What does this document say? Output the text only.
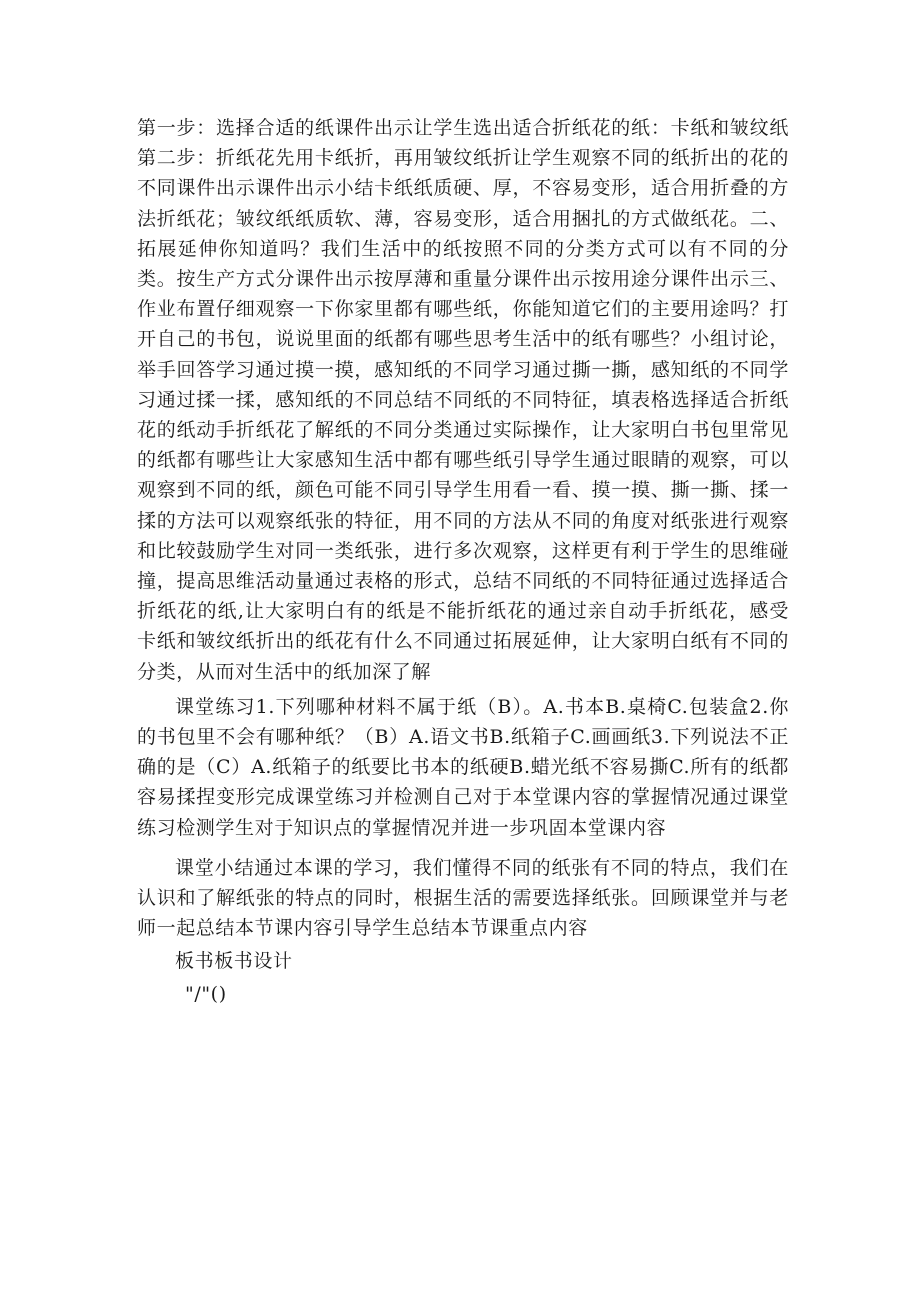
第一步：选择合适的纸课件出示让学生选出适合折纸花的纸：卡纸和皱纹纸第二步：折纸花先用卡纸折，再用皱纹纸折让学生观察不同的纸折出的花的不同课件出示课件出示小结卡纸纸质硬、厚，不容易变形，适合用折叠的方法折纸花；皱纹纸纸质软、薄，容易变形，适合用捆扎的方式做纸花。二、拓展延伸你知道吗？我们生活中的纸按照不同的分类方式可以有不同的分类。按生产方式分课件出示按厚薄和重量分课件出示按用途分课件出示三、作业布置仔细观察一下你家里都有哪些纸，你能知道它们的主要用途吗？打开自己的书包，说说里面的纸都有哪些思考生活中的纸有哪些？小组讨论，举手回答学习通过摸一摸，感知纸的不同学习通过撕一撕，感知纸的不同学习通过揉一揉，感知纸的不同总结不同纸的不同特征，填表格选择适合折纸花的纸动手折纸花了解纸的不同分类通过实际操作，让大家明白书包里常见的纸都有哪些让大家感知生活中都有哪些纸引导学生通过眼睛的观察，可以观察到不同的纸，颜色可能不同引导学生用看一看、摸一摸、撕一撕、揉一揉的方法可以观察纸张的特征，用不同的方法从不同的角度对纸张进行观察和比较鼓励学生对同一类纸张，进行多次观察，这样更有利于学生的思维碰撞，提高思维活动量通过表格的形式，总结不同纸的不同特征通过选择适合折纸花的纸,让大家明白有的纸是不能折纸花的通过亲自动手折纸花，感受卡纸和皱纹纸折出的纸花有什么不同通过拓展延伸，让大家明白纸有不同的分类，从而对生活中的纸加深了解

课堂练习1.下列哪种材料不属于纸（B）。A.书本B.桌椅C.包装盒2.你的书包里不会有哪种纸？（B）A.语文书B.纸箱子C.画画纸3.下列说法不正确的是（C）A.纸箱子的纸要比书本的纸硬B.蜡光纸不容易撕C.所有的纸都容易揉捏变形完成课堂练习并检测自己对于本堂课内容的掌握情况通过课堂练习检测学生对于知识点的掌握情况并进一步巩固本堂课内容

课堂小结通过本课的学习，我们懂得不同的纸张有不同的特点，我们在认识和了解纸张的特点的同时，根据生活的需要选择纸张。回顾课堂并与老师一起总结本节课内容引导学生总结本节课重点内容

板书板书设计

"/"()
